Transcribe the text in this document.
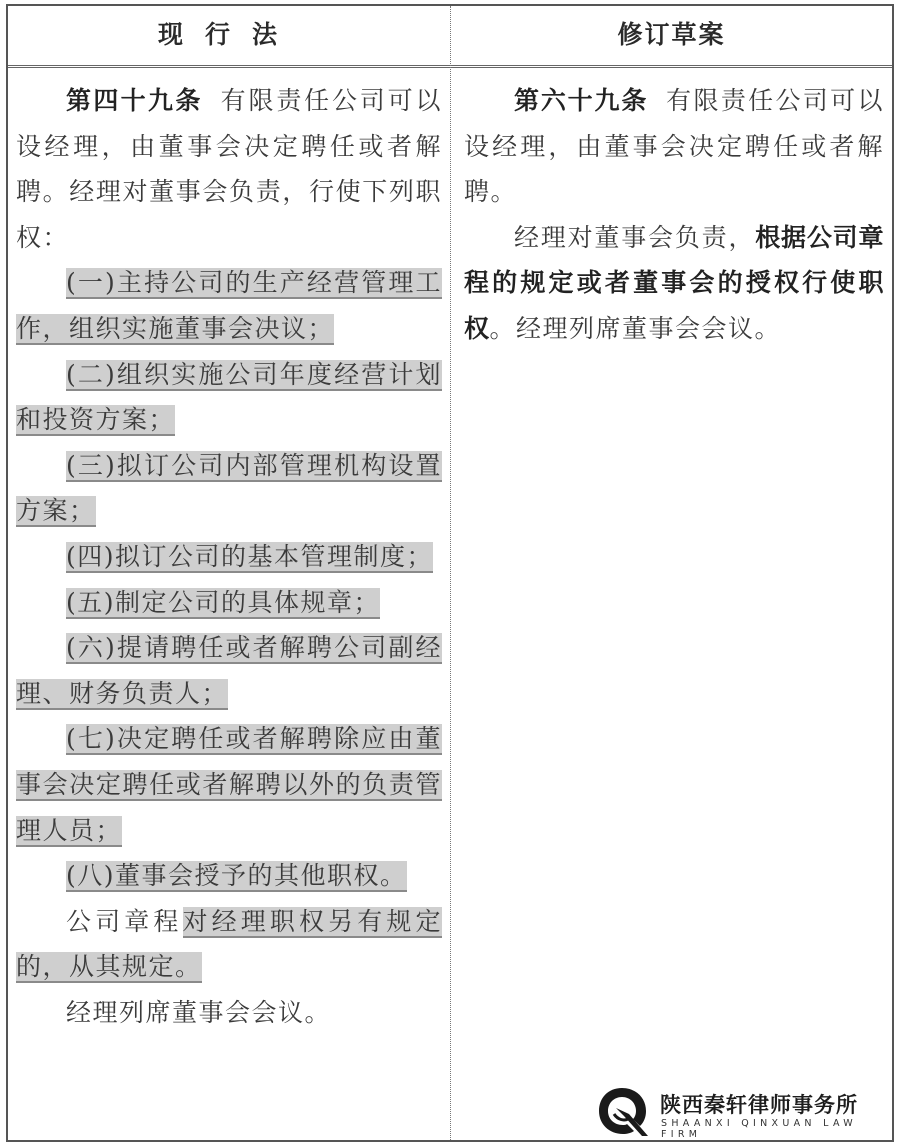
现行法	修订草案

第四十九条 有限责任公司可以设经理，由董事会决定聘任或者解聘。经理对董事会负责，行使下列职权：

(一)主持公司的生产经营管理工作，组织实施董事会决议；

(二)组织实施公司年度经营计划和投资方案；

(三)拟订公司内部管理机构设置方案；

(四)拟订公司的基本管理制度；

(五)制定公司的具体规章；

(六)提请聘任或者解聘公司副经理、财务负责人；

(七)决定聘任或者解聘除应由董事会决定聘任或者解聘以外的负责管理人员；

(八)董事会授予的其他职权。

公司章程对经理职权另有规定的，从其规定。

经理列席董事会会议。

第六十九条 有限责任公司可以设经理，由董事会决定聘任或者解聘。

经理对董事会负责，根据公司章程的规定或者董事会的授权行使职权。经理列席董事会会议。

陕西秦轩律师事务所
SHAANXI QINXUAN LAW FIRM
